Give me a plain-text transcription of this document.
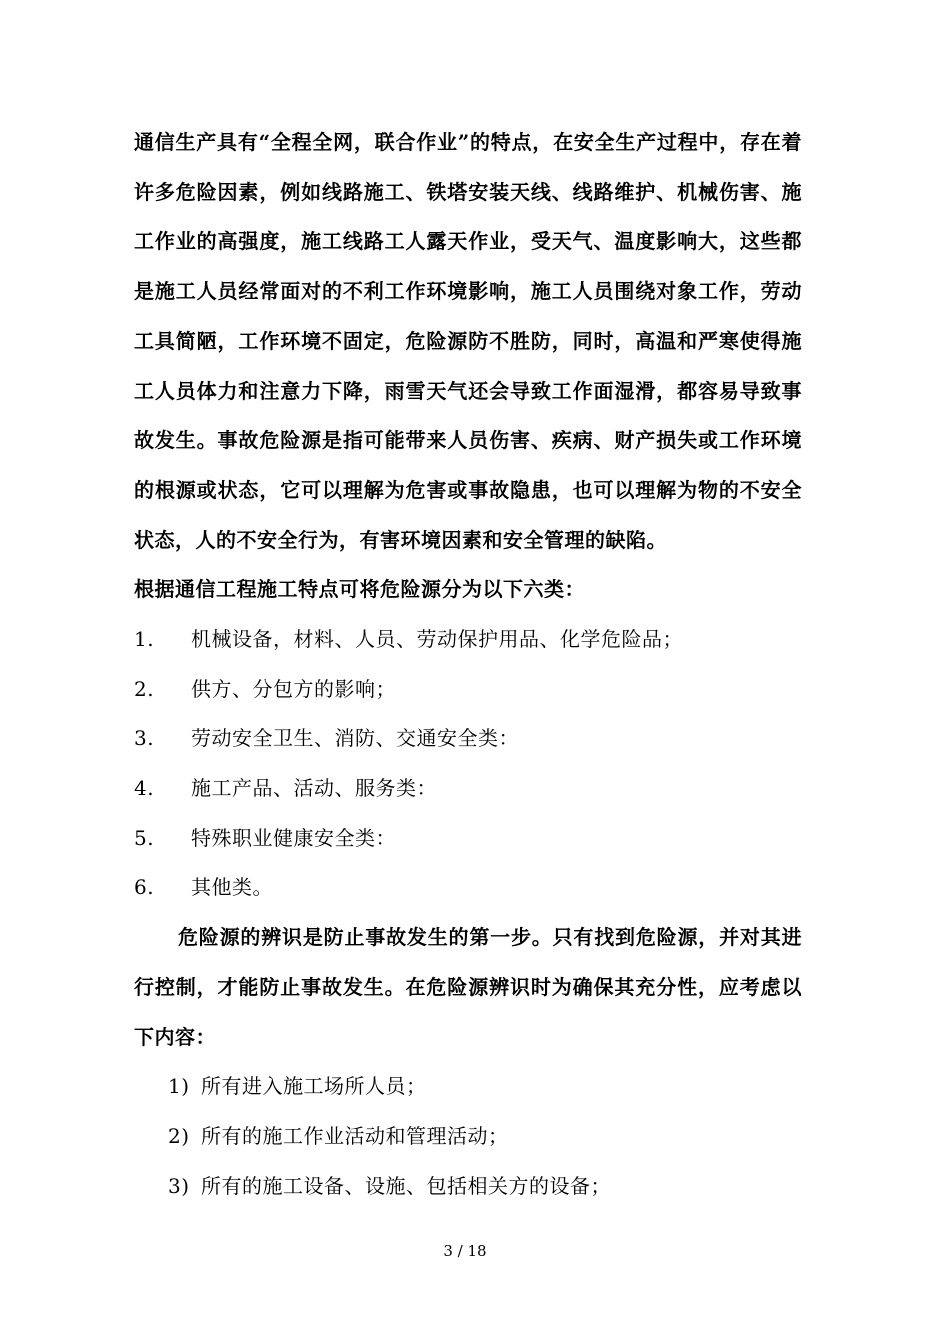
通信生产具有“全程全网，联合作业”的特点，在安全生产过程中，存在着许多危险因素，例如线路施工、铁塔安装天线、线路维护、机械伤害、施工作业的高强度，施工线路工人露天作业，受天气、温度影响大，这些都是施工人员经常面对的不利工作环境影响，施工人员围绕对象工作，劳动工具简陋，工作环境不固定，危险源防不胜防，同时，高温和严寒使得施工人员体力和注意力下降，雨雪天气还会导致工作面湿滑，都容易导致事故发生。事故危险源是指可能带来人员伤害、疾病、财产损失或工作环境的根源或状态，它可以理解为危害或事故隐患，也可以理解为物的不安全状态，人的不安全行为，有害环境因素和安全管理的缺陷。

根据通信工程施工特点可将危险源分为以下六类：

1.	机械设备，材料、人员、劳动保护用品、化学危险品；
2.	供方、分包方的影响；
3.	劳动安全卫生、消防、交通安全类：
4.	施工产品、活动、服务类：
5.	特殊职业健康安全类：
6.	其他类。

危险源的辨识是防止事故发生的第一步。只有找到危险源，并对其进行控制，才能防止事故发生。在危险源辨识时为确保其充分性，应考虑以下内容：

1) 所有进入施工场所人员；
2) 所有的施工作业活动和管理活动；
3) 所有的施工设备、设施、包括相关方的设备；
3 / 18
